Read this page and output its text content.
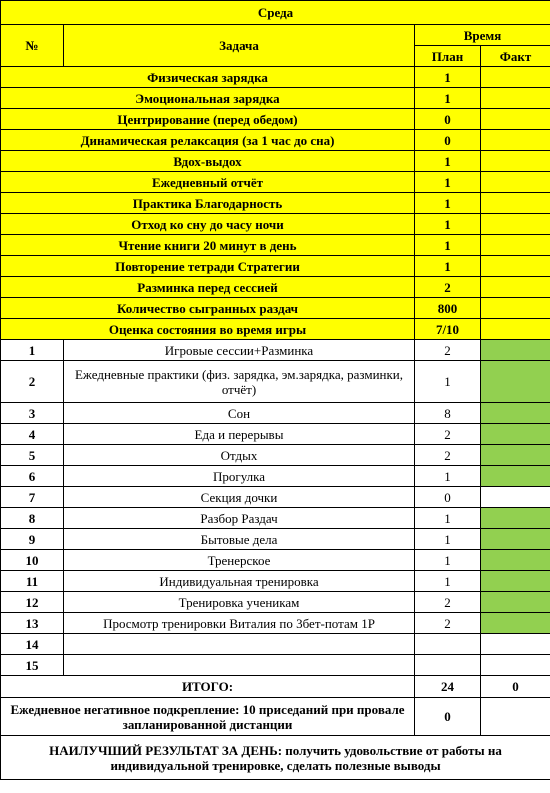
Среда			
№	Задача	Время	
		План	Факт
Физическая зарядка		1	
Эмоциональная зарядка		1	
Центрирование (перед обедом)		0	
Динамическая релаксация (за 1 час до сна)		0	
Вдох-выдох		1	
Ежедневный отчёт		1	
Практика Благодарность		1	
Отход ко сну до часу ночи		1	
Чтение книги 20 минут в день		1	
Повторение тетради Стратегии		1	
Разминка перед сессией		2	
Количество сыгранных раздач		800	
Оценка состояния во время игры		7/10	
1	Игровые сессии+Разминка	2	
2	Ежедневные практики (физ. зарядка, эм.зарядка, разминки, отчёт)	1	
3	Сон	8	
4	Еда и перерывы	2	
5	Отдых	2	
6	Прогулка	1	
7	Секция дочки	0	
8	Разбор Раздач	1	
9	Бытовые дела	1	
10	Тренерское	1	
11	Индивидуальная тренировка	1	
12	Тренировка ученикам	2	
13	Просмотр тренировки Виталия по 3бет-потам 1P	2	
14			
15			
ИТОГО:		24	0
Ежедневное негативное подкрепление: 10 приседаний при провале запланированной дистанции		0	
НАИЛУЧШИЙ РЕЗУЛЬТАТ ЗА ДЕНЬ: получить удовольствие от работы на индивидуальной тренировке, сделать полезные выводы			
